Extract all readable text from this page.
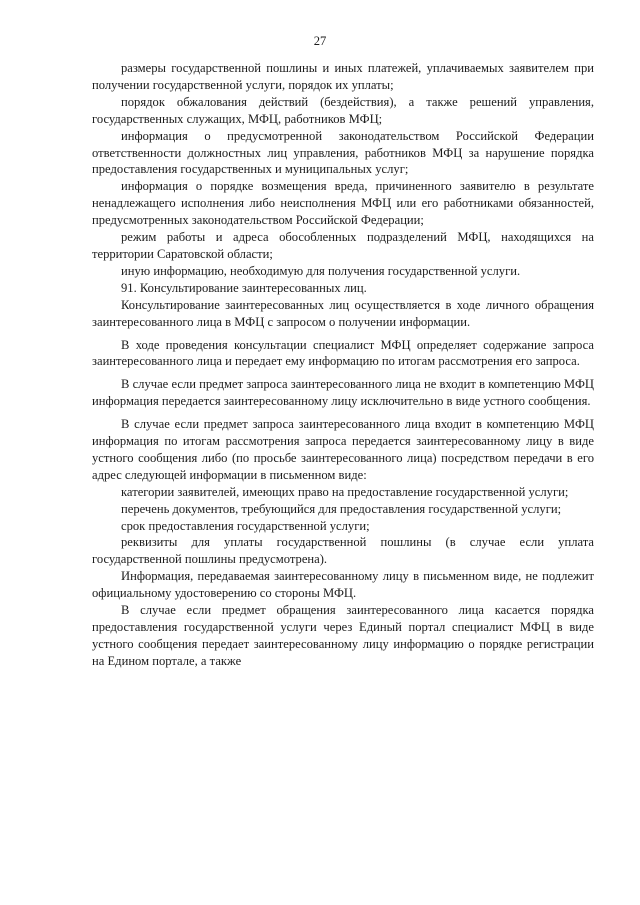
27

размеры государственной пошлины и иных платежей, уплачиваемых заявителем при получении государственной услуги, порядок их уплаты;

порядок обжалования действий (бездействия), а также решений управления, государственных служащих, МФЦ, работников МФЦ;

информация о предусмотренной законодательством Российской Федерации ответственности должностных лиц управления, работников МФЦ за нарушение порядка предоставления государственных и муниципальных услуг;

информация о порядке возмещения вреда, причиненного заявителю в результате ненадлежащего исполнения либо неисполнения МФЦ или его работниками обязанностей, предусмотренных законодательством Российской Федерации;

режим работы и адреса обособленных подразделений МФЦ, находящихся на территории Саратовской области;

иную информацию, необходимую для получения государственной услуги.

91. Консультирование заинтересованных лиц.

Консультирование заинтересованных лиц осуществляется в ходе личного обращения заинтересованного лица в МФЦ с запросом о получении информации.

В ходе проведения консультации специалист МФЦ определяет содержание запроса заинтересованного лица и передает ему информацию по итогам рассмотрения его запроса.

В случае если предмет запроса заинтересованного лица не входит в компетенцию МФЦ информация передается заинтересованному лицу исключительно в виде устного сообщения.

В случае если предмет запроса заинтересованного лица входит в компетенцию МФЦ информация по итогам рассмотрения запроса передается заинтересованному лицу в виде устного сообщения либо (по просьбе заинтересованного лица) посредством передачи в его адрес следующей информации в письменном виде:

категории заявителей, имеющих право на предоставление государственной услуги;

перечень документов, требующийся для предоставления государственной услуги;

срок предоставления государственной услуги;

реквизиты для уплаты государственной пошлины (в случае если уплата государственной пошлины предусмотрена).

Информация, передаваемая заинтересованному лицу в письменном виде, не подлежит официальному удостоверению со стороны МФЦ.

В случае если предмет обращения заинтересованного лица касается порядка предоставления государственной услуги через Единый портал специалист МФЦ в виде устного сообщения передает заинтересованному лицу информацию о порядке регистрации на Едином портале, а также
